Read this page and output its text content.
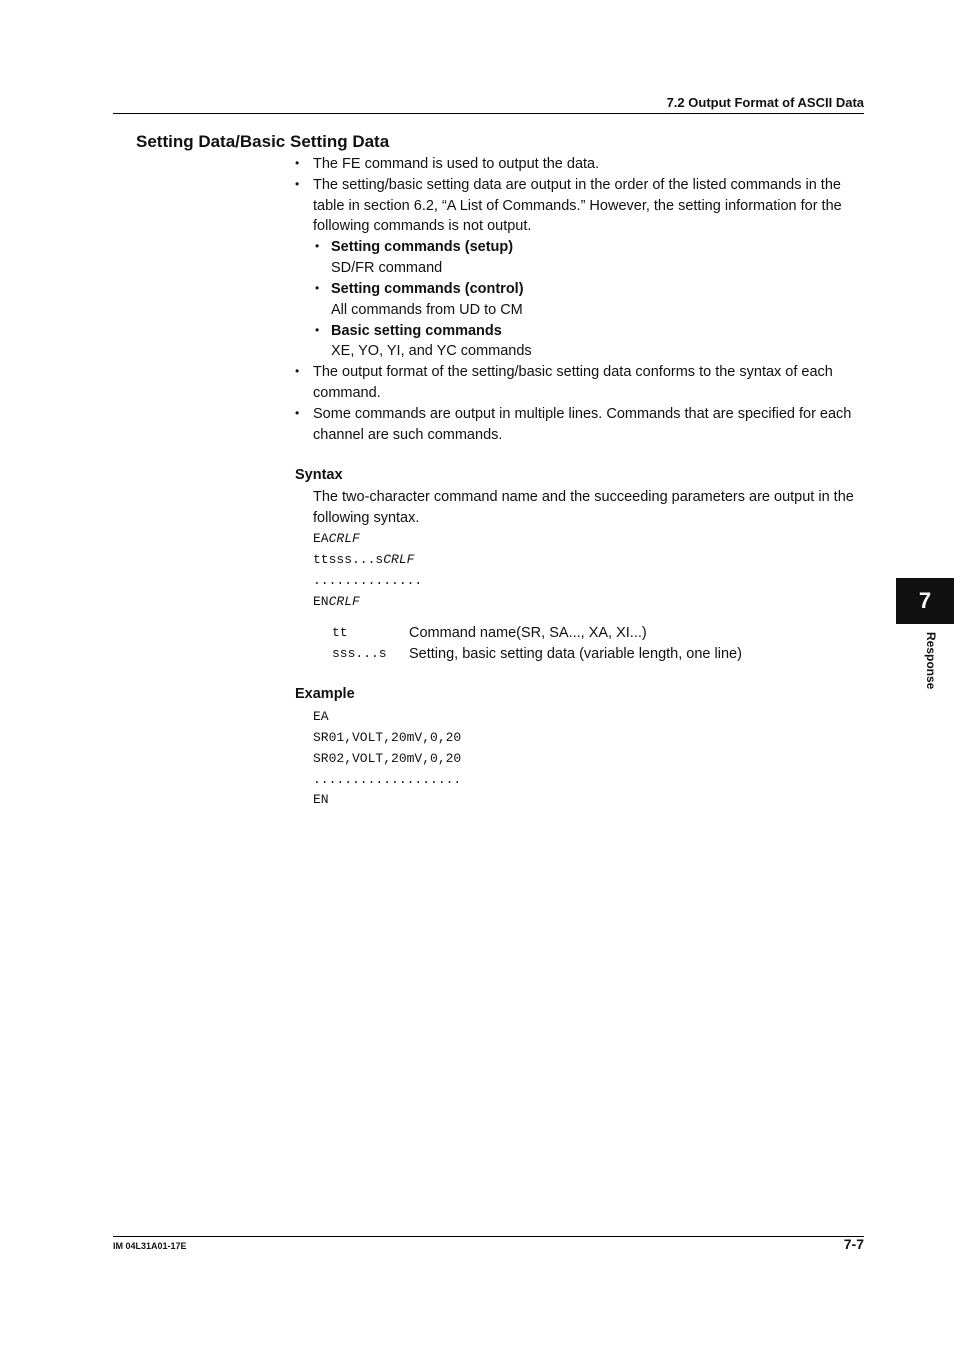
7.2 Output Format of ASCII Data
Setting Data/Basic Setting Data
• The FE command is used to output the data.
• The setting/basic setting data are output in the order of the listed commands in the
table in section 6.2, “A List of Commands.” However, the setting information for the
following commands is not output.
• Setting commands (setup)
SD/FR command
• Setting commands (control)
All commands from UD to CM
• Basic setting commands
XE, YO, YI, and YC commands
• The output format of the setting/basic setting data conforms to the syntax of each
command.
• Some commands are output in multiple lines. Commands that are specified for each
channel are such commands.
Syntax
The two-character command name and the succeeding parameters are output in the
following syntax.
EACRLF
ttsss...sCRLF
..............
ENCRLF
tt	Command name(SR, SA..., XA, XI...)
sss...s Setting, basic setting data (variable length, one line)
Example
EA
SR01,VOLT,20mV,0,20
SR02,VOLT,20mV,0,20
...................
EN
7
Response
IM 04L31A01-17E	7-7
